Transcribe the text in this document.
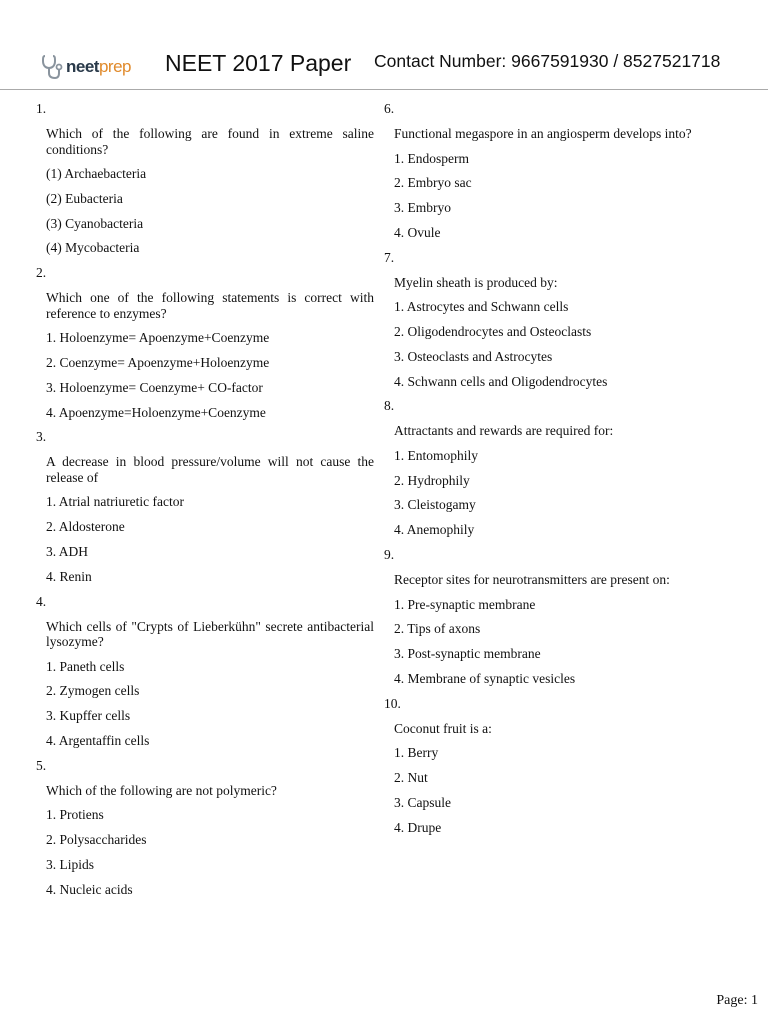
neetprep NEET 2017 Paper Contact Number: 9667591930 / 8527521718
1.
Which of the following are found in extreme saline conditions?
(1) Archaebacteria
(2) Eubacteria
(3) Cyanobacteria
(4) Mycobacteria
2.
Which one of the following statements is correct with reference to enzymes?
1. Holoenzyme= Apoenzyme+Coenzyme
2. Coenzyme= Apoenzyme+Holoenzyme
3. Holoenzyme= Coenzyme+ CO-factor
4. Apoenzyme=Holoenzyme+Coenzyme
3.
A decrease in blood pressure/volume will not cause the release of
1. Atrial natriuretic factor
2. Aldosterone
3. ADH
4. Renin
4.
Which cells of "Crypts of Lieberkühn" secrete antibacterial lysozyme?
1. Paneth cells
2. Zymogen cells
3. Kupffer cells
4. Argentaffin cells
5.
Which of the following are not polymeric?
1. Protiens
2. Polysaccharides
3. Lipids
4. Nucleic acids
6.
Functional megaspore in an angiosperm develops into?
1. Endosperm
2. Embryo sac
3. Embryo
4. Ovule
7.
Myelin sheath is produced by:
1. Astrocytes and Schwann cells
2. Oligodendrocytes and Osteoclasts
3. Osteoclasts and Astrocytes
4. Schwann cells and Oligodendrocytes
8.
Attractants and rewards are required for:
1. Entomophily
2. Hydrophily
3. Cleistogamy
4. Anemophily
9.
Receptor sites for neurotransmitters are present on:
1. Pre-synaptic membrane
2. Tips of axons
3. Post-synaptic membrane
4. Membrane of synaptic vesicles
10.
Coconut fruit is a:
1. Berry
2. Nut
3. Capsule
4. Drupe
Page: 1
